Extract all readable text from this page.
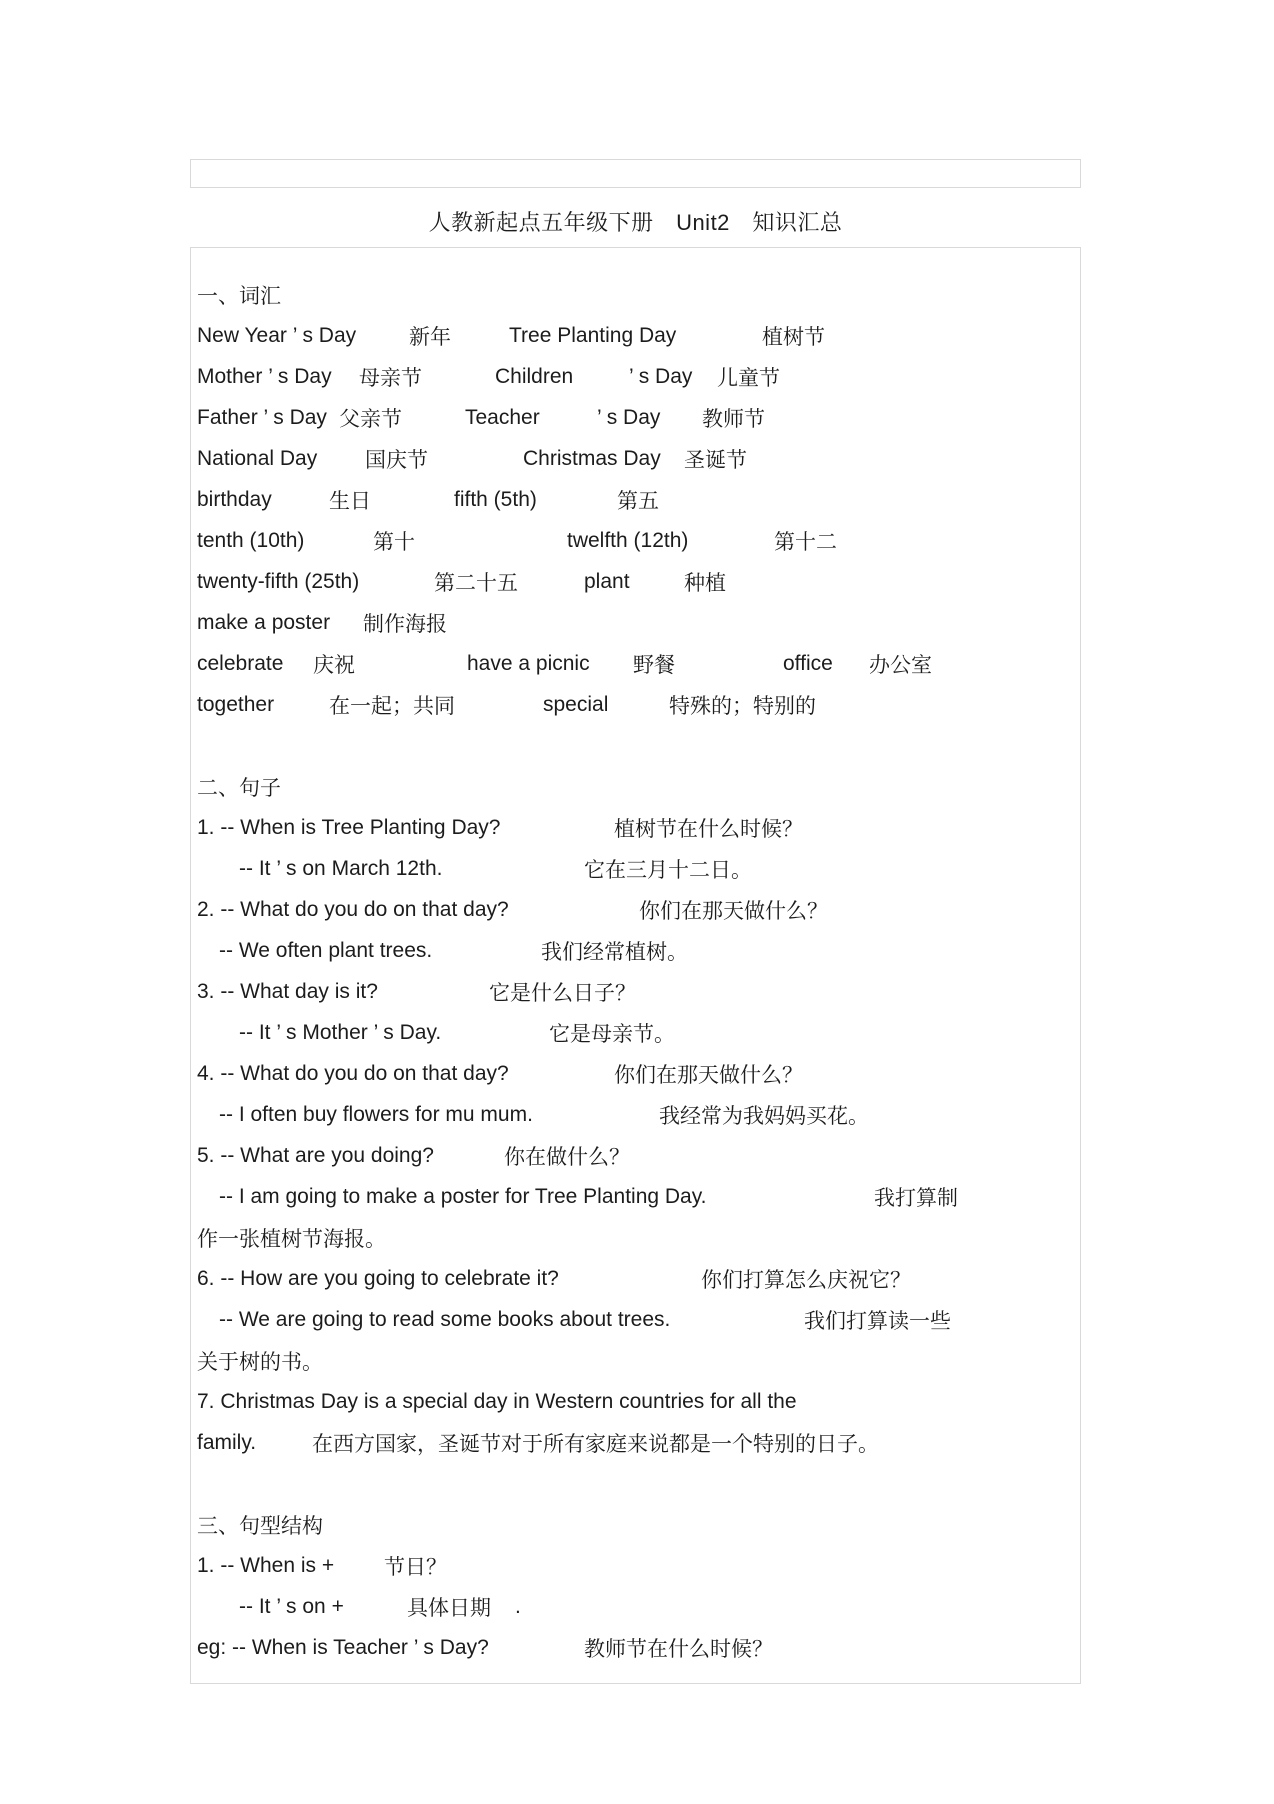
人教新起点五年级下册　Unit2　知识汇总
一、词汇
New Year ’ s Day	新年	Tree Planting Day	植树节
Mother ’ s Day 母亲节	Children	’ s Day 儿童节
Father ’ s Day 父亲节	Teacher	’ s Day 教师节
National Day 国庆节	Christmas Day 圣诞节
birthday	生日	fifth (5th)	第五
tenth (10th)	第十	twelfth (12th)	第十二
twenty-fifth (25th)	第二十五	plant	种植
make a poster 制作海报
celebrate 庆祝	have a picnic 野餐	office 办公室
together	在一起；共同	special	特殊的；特别的
二、句子
1. -- When is Tree Planting Day?	植树节在什么时候？
-- It ’ s on March 12th.	它在三月十二日。
2. -- What do you do on that day?	你们在那天做什么？
-- We often plant trees.	我们经常植树。
3. -- What day is it?	它是什么日子？
-- It ’ s Mother ’ s Day.	它是母亲节。
4. -- What do you do on that day?	你们在那天做什么？
-- I often buy flowers for mu mum.	我经常为我妈妈买花。
5. -- What are you doing?	你在做什么？
-- I am going to make a poster for Tree Planting Day.	我打算制
作一张植树节海报。
6. -- How are you going to celebrate it?	你们打算怎么庆祝它？
-- We are going to read some books about trees.	我们打算读一些
关于树的书。
7. Christmas Day is a special day in Western countries for all the
family.	在西方国家，圣诞节对于所有家庭来说都是一个特别的日子。
三、句型结构
1. -- When is + 节日？
-- It ’ s on +	具体日期 .
eg: -- When is Teacher ’ s Day?	教师节在什么时候？
